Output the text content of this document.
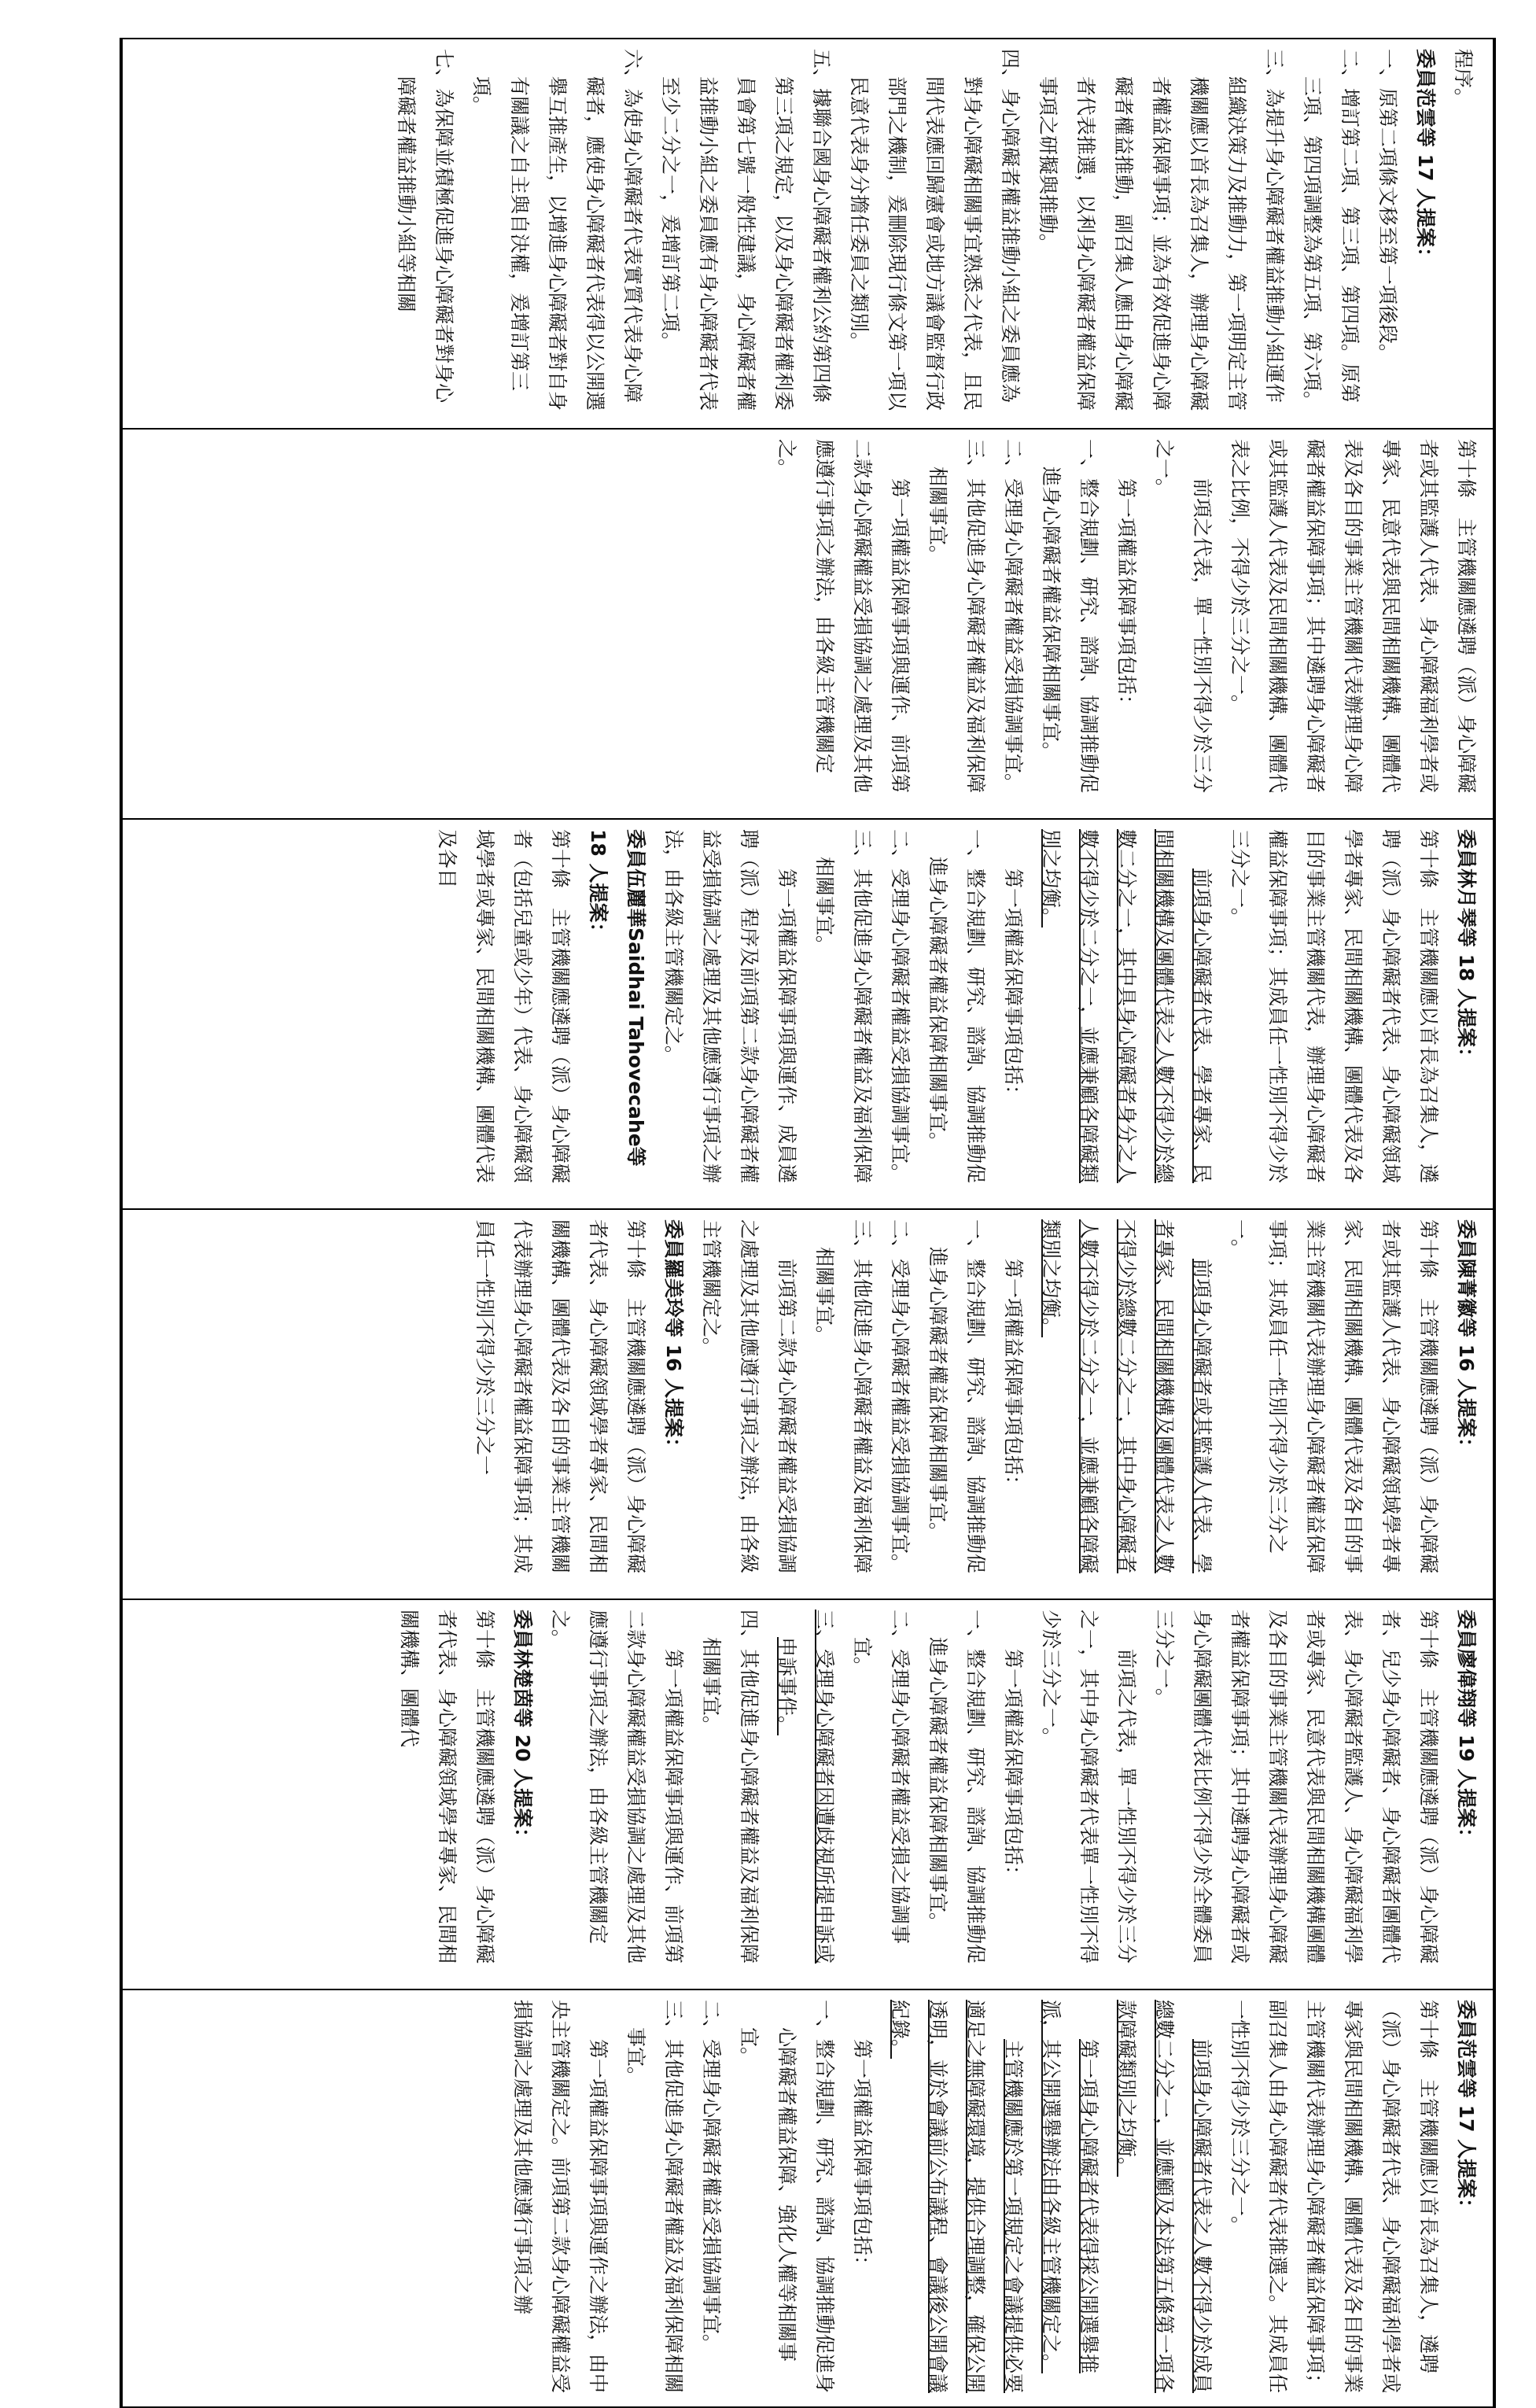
程序。
委員范雲等 17 人提案：
一、原第二項條文移至第一項後段。
二、增訂第二項、第三項、第四項。原第三項、第四項調整為第五項、第六項。
三、為提升身心障礙者權益推動小組運作組織決策力及推動力，第一項明定主管機關應以首長為召集人，辦理身心障礙者權益保障事項；並為有效促進身心障礙者權益推動，副召集人應由身心障礙者代表推選，以利身心障礙者權益保障事項之研擬與推動。
四、身心障礙者權益推動小組之委員應為對身心障礙相關事宜熟悉之代表，且民間代表應回歸憲會或地方議會監督行政部門之機制，爰刪除現行條文第一項以民意代表身分擔任委員之類別。
五、據聯合國身心障礙者權利公約第四條第三項之規定，以及身心障礙者權利委員會第七號一般性建議，身心障礙者權益推動小組之委員應有身心障礙者代表至少二分之一，爰增訂第二項。
六、為使身心障礙者代表實質代表身心障礙者，應使身心障礙者代表得以公開選舉互推產生，以增進身心障礙者對自身有關議之自主與自決權，爰增訂第三項。
七、為保障並積極促進身心障礙者對身心障礙者權益推動小組等相關

第十條　主管機關應遴聘（派）身心障礙者或其監護人代表、身心障礙福利學者或專家、民意代表與民間相關機構、團體代表及各目的事業主管機關代表辦理身心障礙者權益保障事項；其中遴聘身心障礙者或其監護人代表及民間相關機構、團體代表之比例，不得少於三分之一。
前項之代表，單一性別不得少於三分之一。
第一項權益保障事項包括：
一、整合規劃、研究、諮詢、協調推動促進身心障礙者權益保障相關事宜。
二、受理身心障礙者權益受損協調事宜。
三、其他促進身心障礙者權益及福利保障相關事宜。
第一項權益保障事項與運作、前項第二款身心障礙權益受損協調之處理及其他應遵行事項之辦法，由各級主管機關定之。

委員林月琴等 18 人提案：
第十條　主管機關應以首長為召集人，遴聘（派）身心障礙者代表、身心障礙領域學者專家、民間相關機構、團體代表及各目的事業主管機關代表，辦理身心障礙者權益保障事項；其成員任一性別不得少於三分之一。
前項身心障礙者代表、學者專家、民間相關機構及團體代表之人數不得少於總數二分之一，其中具身心障礙者身分之人數不得少於二分之一，並應兼顧各障礙類別之均衡。
第一項權益保障事項包括：
一、整合規劃、研究、諮詢、協調推動促進身心障礙者權益保障相關事宜。
二、受理身心障礙者權益受損協調事宜。
三、其他促進身心障礙者權益及福利保障相關事宜。
第一項權益保障事項與運作、成員遴聘（派）程序及前項第二款身心障礙者權益受損協調之處理及其他應遵行事項之辦法，由各級主管機關定之。
委員伍麗華Saidhai Tahovecahe等 18 人提案：
第十條　主管機關應遴聘（派）身心障礙者（包括兒童或少年）代表、身心障礙領域學者或專家、民間相關機構、團體代表及各目

委員陳菁徽等 16 人提案：
第十條　主管機關應遴聘（派）身心障礙者或其監護人代表、身心障礙領域學者專家、民間相關機構、團體代表及各目的事業主管機關代表辦理身心障礙者權益保障事項；其成員任一性別不得少於三分之一。
前項身心障礙者或其監護人代表、學者專家、民間相關機構及團體代表之人數不得少於總數二分之一，其中身心障礙者人數不得少於二分之一，並應兼顧各障礙類別之均衡。
第一項權益保障事項包括：
一、整合規劃、研究、諮詢、協調推動促進身心障礙者權益保障相關事宜。
二、受理身心障礙者權益受損協調事宜。
三、其他促進身心障礙者權益及福利保障相關事宜。
前項第二款身心障礙者權益受損協調之處理及其他應遵行事項之辦法，由各級主管機關定之。
委員羅美玲等 16 人提案：
第十條　主管機關應遴聘（派）身心障礙者代表、身心障礙領域學者專家、民間相關機構、團體代表及各目的事業主管機關代表辦理身心障礙者權益保障事項；其成員任一性別不得少於三分之一

委員廖偉翔等 19 人提案：
第十條　主管機關應遴聘（派）身心障礙者、兒少身心障礙者、身心障礙者團體代表、身心障礙者監護人、身心障礙福利學者或專家、民意代表與民間相關機構團體及各目的事業主管機關代表辦理身心障礙者權益保障事項；其中遴聘身心障礙者或身心障礙團體代表比例不得少於全體委員三分之一。
前項之代表，單一性別不得少於三分之一，其中身心障礙者代表單一性別不得少於三分之一。
第一項權益保障事項包括：
一、整合規劃、研究、諮詢、協調推動促進身心障礙者權益保障相關事宜。
二、受理身心障礙者權益受損之協調事宜。
三、受理身心障礙者因遭歧視所提申訴或申訴事件。
四、其他促進身心障礙者權益及福利保障相關事宜。
第一項權益保障事項與運作、前項第二款身心障礙權益受損協調之處理及其他應遵行事項之辦法，由各級主管機關定之。
委員林楚茵等 20 人提案：
第十條　主管機關應遴聘（派）身心障礙者代表、身心障礙領域學者專家、民間相關機構、團體代

委員范雲等 17 人提案：
第十條　主管機關應以首長為召集人，遴聘（派）身心障礙者代表、身心障礙福利學者或專家與民間相關機構、團體代表及各目的事業主管機關代表辦理身心障礙者權益保障事項；副召集人由身心障礙者代表推選之。其成員任一性別不得少於三分之一。
前項身心障礙者代表之人數不得少於成員總數二分之一，並應顧及本法第五條第一項各款障礙類別之均衡。
第一項身心障礙者代表得採公開選舉推派，其公開選舉辦法由各級主管機關定之。
主管機關應於第一項規定之會議提供必要適足之無障礙環境，提供合理調整，確保公開透明，並於會議前公布議程、會議後公開會議紀錄。
第一項權益保障事項包括：
一、整合規劃、研究、諮詢、協調推動促進身心障礙者權益保障、強化人權等相關事宜。
二、受理身心障礙者權益受損協調事宜。
三、其他促進身心障礙者權益及福利保障相關事宜。
第一項權益保障事項與運作之辦法，由中央主管機關定之。前項第二款身心障礙權益受損協調之處理及其他應遵行事項之辦
